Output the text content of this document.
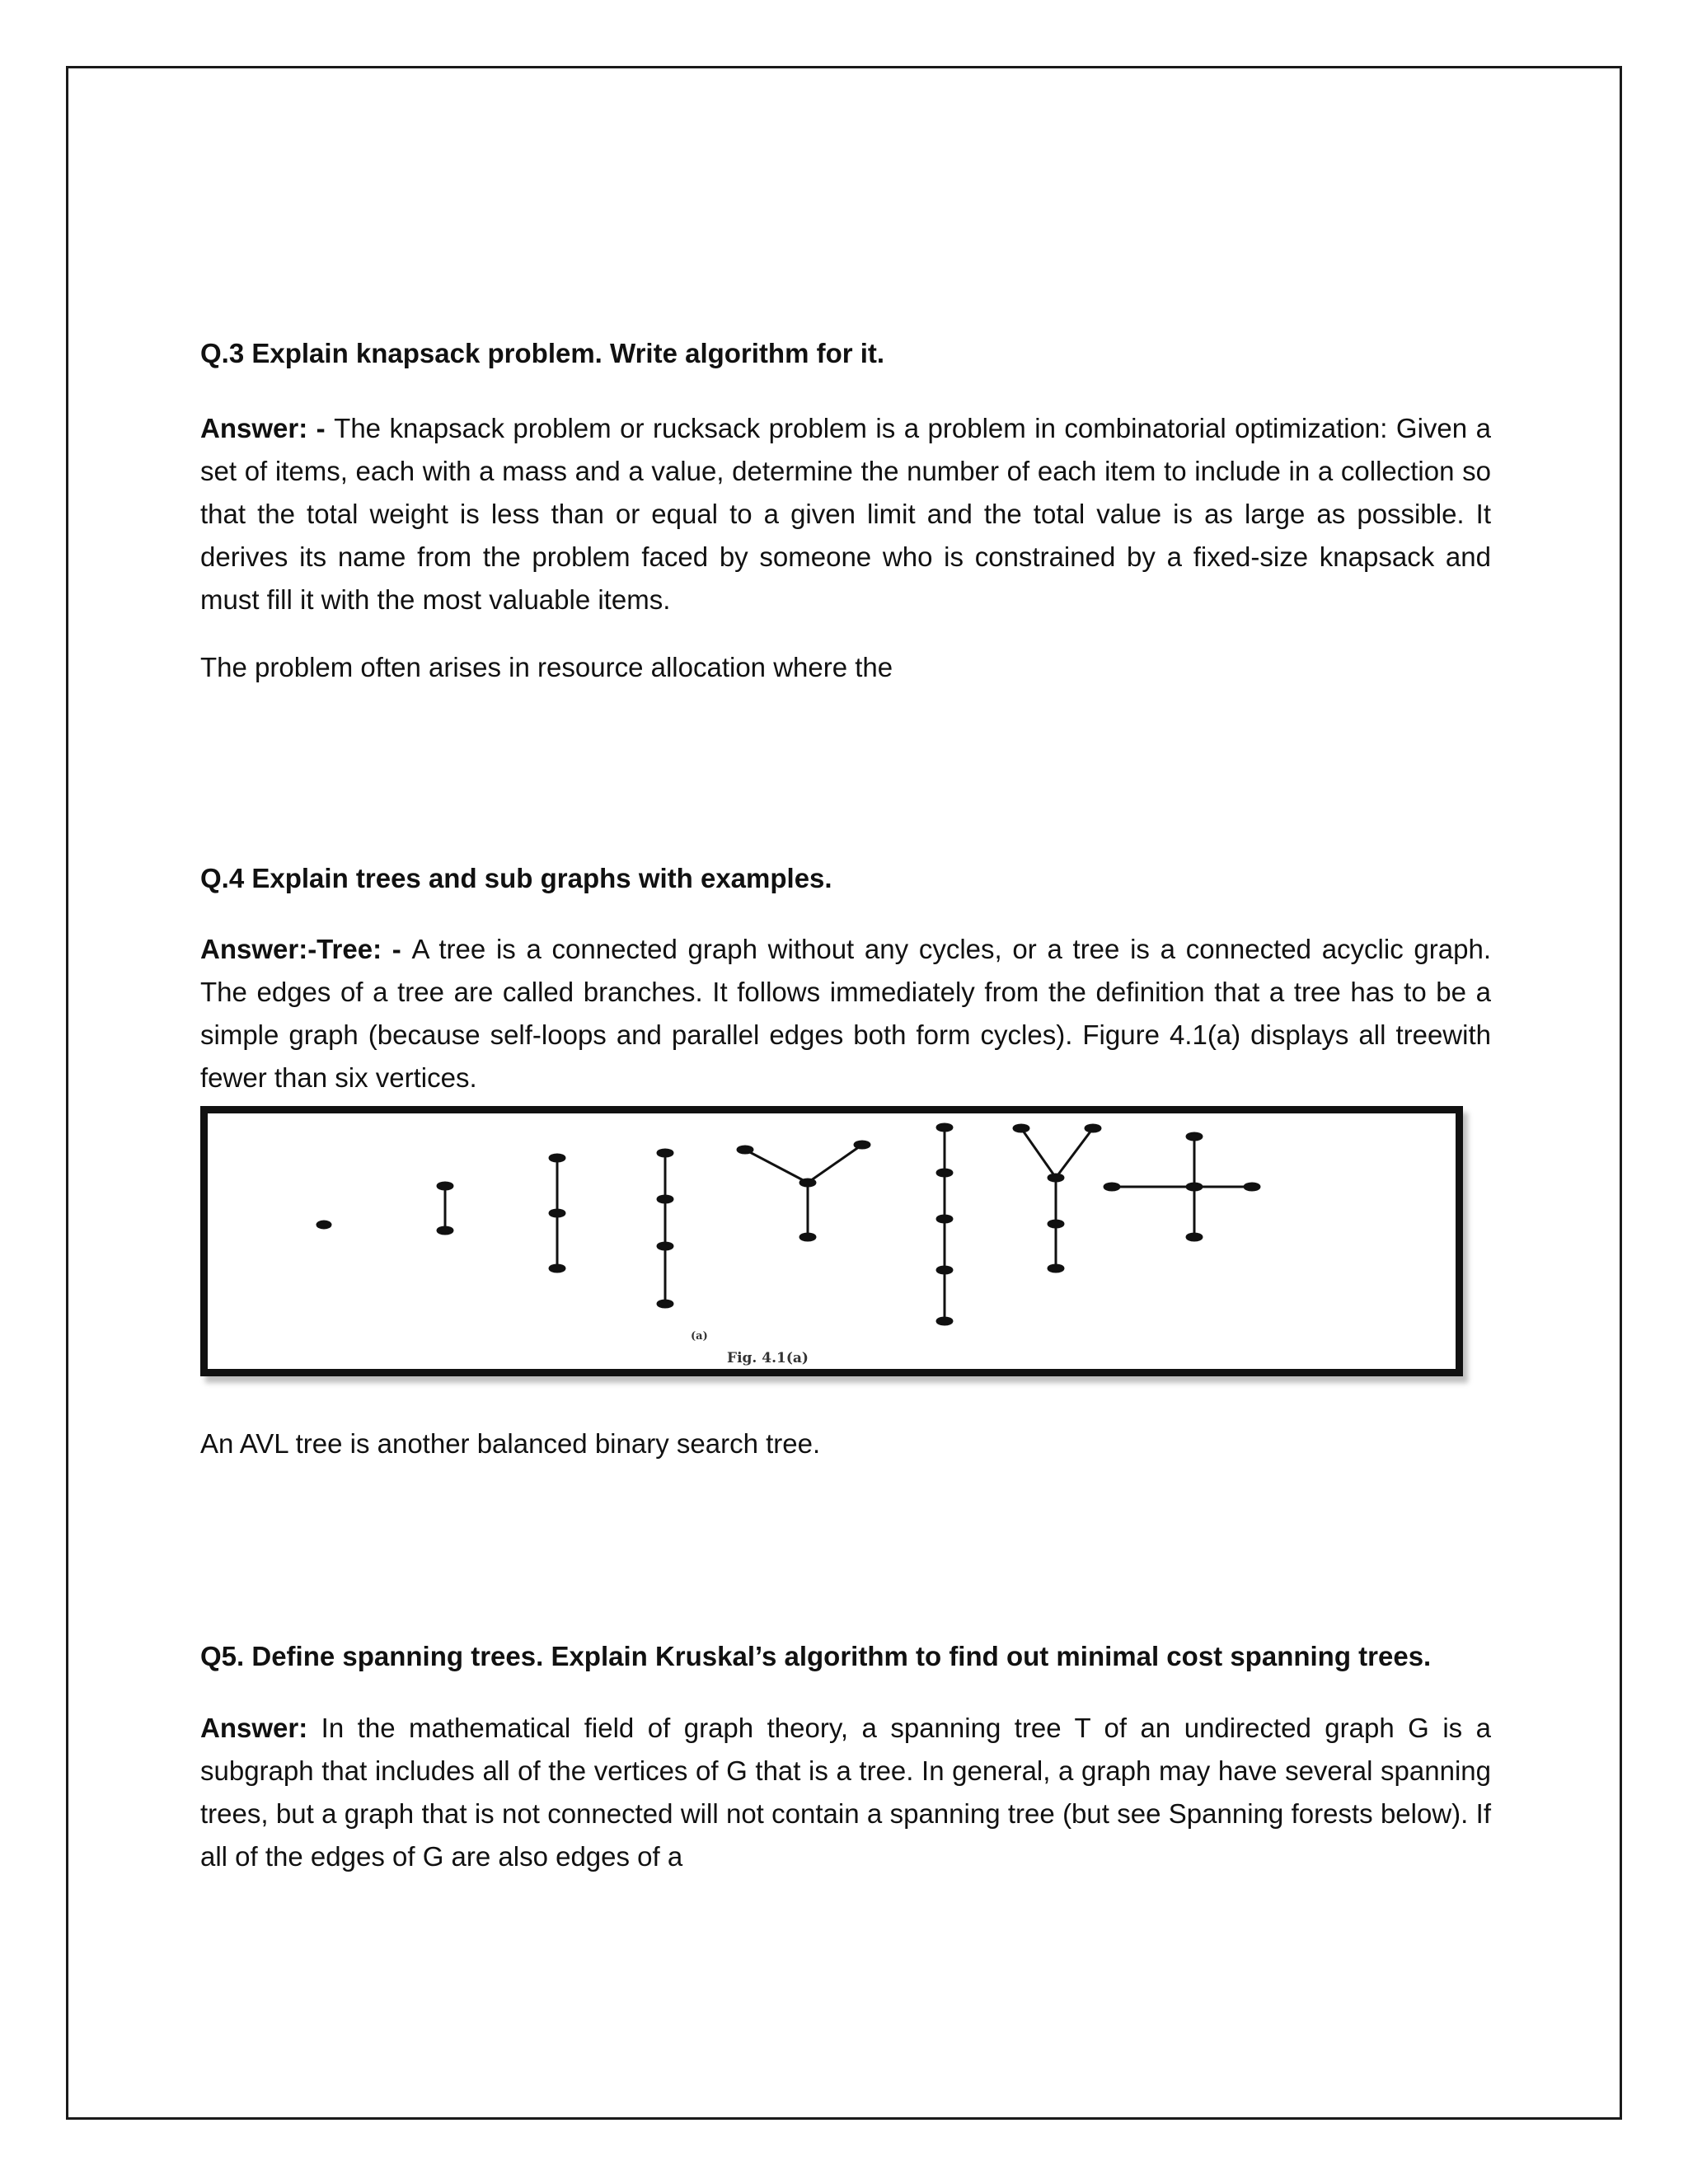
Q.3 Explain knapsack problem. Write algorithm for it.

Answer: - The knapsack problem or rucksack problem is a problem in combinatorial optimization: Given a set of items, each with a mass and a value, determine the number of each item to include in a collection so that the total weight is less than or equal to a given limit and the total value is as large as possible. It derives its name from the problem faced by someone who is constrained by a fixed-size knapsack and must fill it with the most valuable items.

The problem often arises in resource allocation where the

Q.4 Explain trees and sub graphs with examples.

Answer:-Tree: - A tree is a connected graph without any cycles, or a tree is a connected acyclic graph. The edges of a tree are called branches. It follows immediately from the definition that a tree has to be a simple graph (because self-loops and parallel edges both form cycles). Figure 4.1(a) displays all treewith fewer than six vertices.

(a)
Fig. 4.1(a)

An AVL tree is another balanced binary search tree.

Q5. Define spanning trees. Explain Kruskal’s algorithm to find out minimal cost spanning trees.

Answer: In the mathematical field of graph theory, a spanning tree T of an undirected graph G is a subgraph that includes all of the vertices of G that is a tree. In general, a graph may have several spanning trees, but a graph that is not connected will not contain a spanning tree (but see Spanning forests below). If all of the edges of G are also edges of a
